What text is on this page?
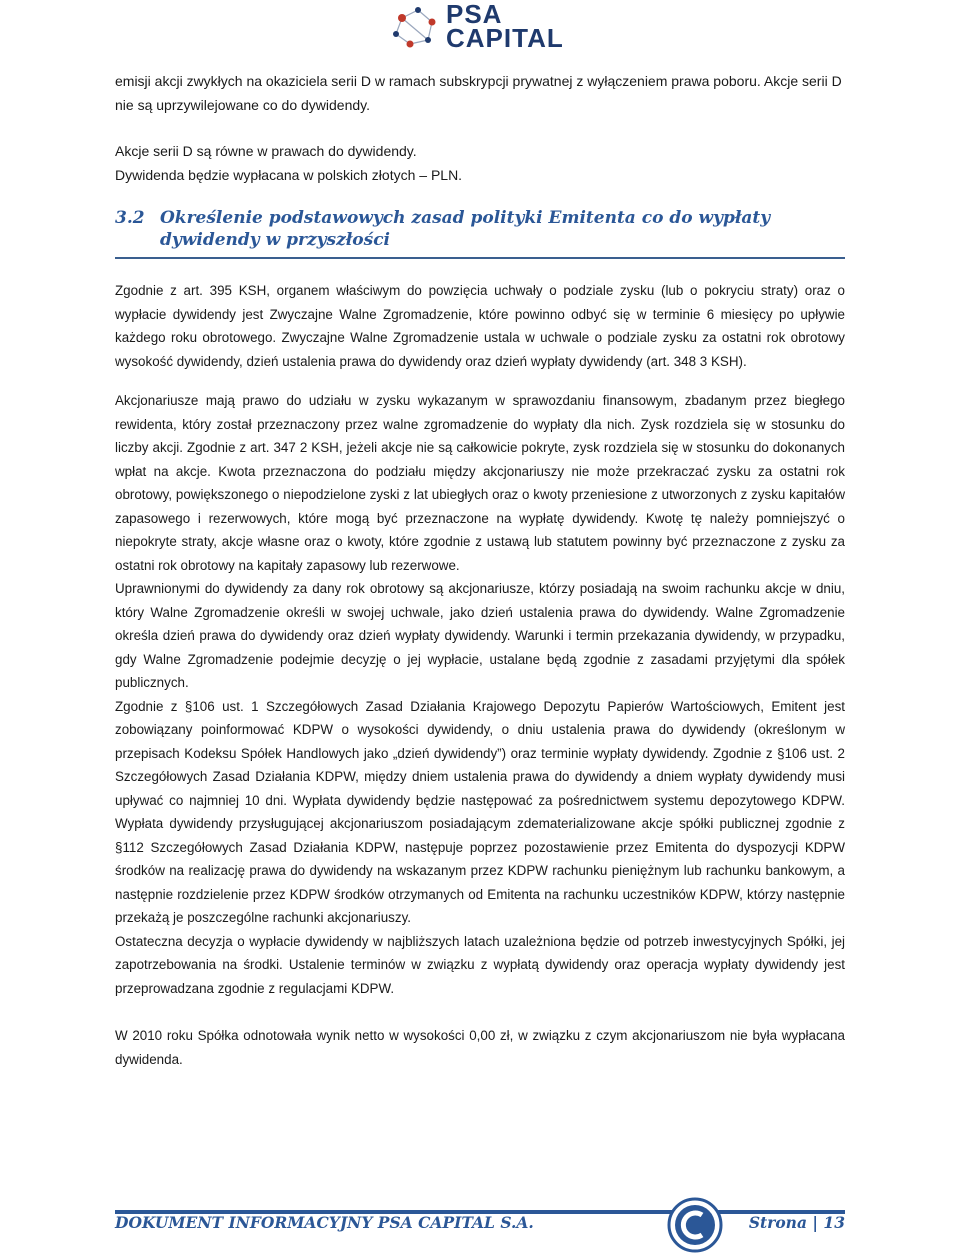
PSA
CAPITAL

emisji akcji zwykłych na okaziciela serii D w ramach subskrypcji prywatnej z wyłączeniem prawa poboru. Akcje serii D nie są uprzywilejowane co do dywidendy.

Akcje serii D są równe w prawach do dywidendy.

Dywidenda będzie wypłacana w polskich złotych – PLN.

3.2 Określenie podstawowych zasad polityki Emitenta co do wypłaty dywidendy w przyszłości

Zgodnie z art. 395 KSH, organem właściwym do powzięcia uchwały o podziale zysku (lub o pokryciu straty) oraz o wypłacie dywidendy jest Zwyczajne Walne Zgromadzenie, które powinno odbyć się w terminie 6 miesięcy po upływie każdego roku obrotowego. Zwyczajne Walne Zgromadzenie ustala w uchwale o podziale zysku za ostatni rok obrotowy wysokość dywidendy, dzień ustalenia prawa do dywidendy oraz dzień wypłaty dywidendy (art. 348 3 KSH).

Akcjonariusze mają prawo do udziału w zysku wykazanym w sprawozdaniu finansowym, zbadanym przez biegłego rewidenta, który został przeznaczony przez walne zgromadzenie do wypłaty dla nich. Zysk rozdziela się w stosunku do liczby akcji. Zgodnie z art. 347 2 KSH, jeżeli akcje nie są całkowicie pokryte, zysk rozdziela się w stosunku do dokonanych wpłat na akcje. Kwota przeznaczona do podziału między akcjonariuszy nie może przekraczać zysku za ostatni rok obrotowy, powiększonego o niepodzielone zyski z lat ubiegłych oraz o kwoty przeniesione z utworzonych z zysku kapitałów zapasowego i rezerwowych, które mogą być przeznaczone na wypłatę dywidendy. Kwotę tę należy pomniejszyć o niepokryte straty, akcje własne oraz o kwoty, które zgodnie z ustawą lub statutem powinny być przeznaczone z zysku za ostatni rok obrotowy na kapitały zapasowy lub rezerwowe.

Uprawnionymi do dywidendy za dany rok obrotowy są akcjonariusze, którzy posiadają na swoim rachunku akcje w dniu, który Walne Zgromadzenie określi w swojej uchwale, jako dzień ustalenia prawa do dywidendy. Walne Zgromadzenie określa dzień prawa do dywidendy oraz dzień wypłaty dywidendy. Warunki i termin przekazania dywidendy, w przypadku, gdy Walne Zgromadzenie podejmie decyzję o jej wypłacie, ustalane będą zgodnie z zasadami przyjętymi dla spółek publicznych.

Zgodnie z §106 ust. 1 Szczegółowych Zasad Działania Krajowego Depozytu Papierów Wartościowych, Emitent jest zobowiązany poinformować KDPW o wysokości dywidendy, o dniu ustalenia prawa do dywidendy (określonym w przepisach Kodeksu Spółek Handlowych jako „dzień dywidendy”) oraz terminie wypłaty dywidendy. Zgodnie z §106 ust. 2 Szczegółowych Zasad Działania KDPW, między dniem ustalenia prawa do dywidendy a dniem wypłaty dywidendy musi upływać co najmniej 10 dni. Wypłata dywidendy będzie następować za pośrednictwem systemu depozytowego KDPW. Wypłata dywidendy przysługującej akcjonariuszom posiadającym zdematerializowane akcje spółki publicznej zgodnie z §112 Szczegółowych Zasad Działania KDPW, następuje poprzez pozostawienie przez Emitenta do dyspozycji KDPW środków na realizację prawa do dywidendy na wskazanym przez KDPW rachunku pieniężnym lub rachunku bankowym, a następnie rozdzielenie przez KDPW środków otrzymanych od Emitenta na rachunku uczestników KDPW, którzy następnie przekażą je poszczególne rachunki akcjonariuszy.

Ostateczna decyzja o wypłacie dywidendy w najbliższych latach uzależniona będzie od potrzeb inwestycyjnych Spółki, jej zapotrzebowania na środki. Ustalenie terminów w związku z wypłatą dywidendy oraz operacja wypłaty dywidendy jest przeprowadzana zgodnie z regulacjami KDPW.

W 2010 roku Spółka odnotowała wynik netto w wysokości 0,00 zł, w związku z czym akcjonariuszom nie była wypłacana dywidenda.

DOKUMENT INFORMACYJNY PSA CAPITAL S.A.	Strona | 13
